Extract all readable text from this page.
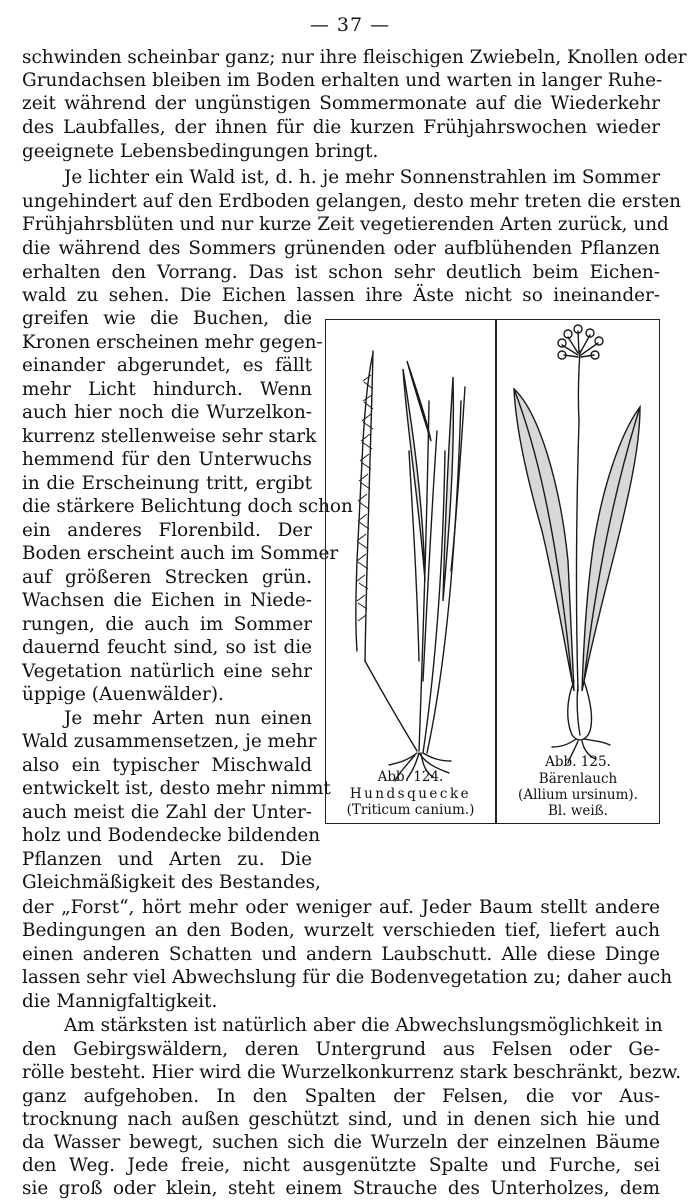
— 37 —
schwinden scheinbar ganz; nur ihre fleischigen Zwiebeln, Knollen oder
Grundachsen bleiben im Boden erhalten und warten in langer Ruhe-
zeit während der ungünstigen Sommermonate auf die Wiederkehr
des Laubfalles, der ihnen für die kurzen Frühjahrswochen wieder
geeignete Lebensbedingungen bringt.
Je lichter ein Wald ist, d. h. je mehr Sonnenstrahlen im Sommer
ungehindert auf den Erdboden gelangen, desto mehr treten die ersten
Frühjahrsblüten und nur kurze Zeit vegetierenden Arten zurück, und
die während des Sommers grünenden oder aufblühenden Pflanzen
erhalten den Vorrang. Das ist schon sehr deutlich beim Eichen-
wald zu sehen. Die Eichen lassen ihre Äste nicht so ineinander-
greifen wie die Buchen, die
Kronen erscheinen mehr gegen-
einander abgerundet, es fällt
mehr Licht hindurch. Wenn
auch hier noch die Wurzelkon-
kurrenz stellenweise sehr stark
hemmend für den Unterwuchs
in die Erscheinung tritt, ergibt
die stärkere Belichtung doch schon
ein anderes Florenbild. Der
Boden erscheint auch im Sommer
auf größeren Strecken grün.
Wachsen die Eichen in Niede-
rungen, die auch im Sommer
dauernd feucht sind, so ist die
Vegetation natürlich eine sehr
üppige (Auenwälder).
Je mehr Arten nun einen
Wald zusammensetzen, je mehr
also ein typischer Mischwald
entwickelt ist, desto mehr nimmt
auch meist die Zahl der Unter-
holz und Bodendecke bildenden
Pflanzen und Arten zu. Die
Gleichmäßigkeit des Bestandes,
der „Forst“, hört mehr oder weniger auf. Jeder Baum stellt andere
Bedingungen an den Boden, wurzelt verschieden tief, liefert auch
einen anderen Schatten und andern Laubschutt. Alle diese Dinge
lassen sehr viel Abwechslung für die Bodenvegetation zu; daher auch
die Mannigfaltigkeit.
Am stärksten ist natürlich aber die Abwechslungsmöglichkeit in
den Gebirgswäldern, deren Untergrund aus Felsen oder Ge-
rölle besteht. Hier wird die Wurzelkonkurrenz stark beschränkt, bezw.
ganz aufgehoben. In den Spalten der Felsen, die vor Aus-
trocknung nach außen geschützt sind, und in denen sich hie und
da Wasser bewegt, suchen sich die Wurzeln der einzelnen Bäume
den Weg. Jede freie, nicht ausgenützte Spalte und Furche, sei
sie groß oder klein, steht einem Strauche des Unterholzes, dem
Abb. 124.
Hundsquecke
(Triticum canium.)
Abb. 125.
Bärenlauch
(Allium ursinum).
Bl. weiß.
